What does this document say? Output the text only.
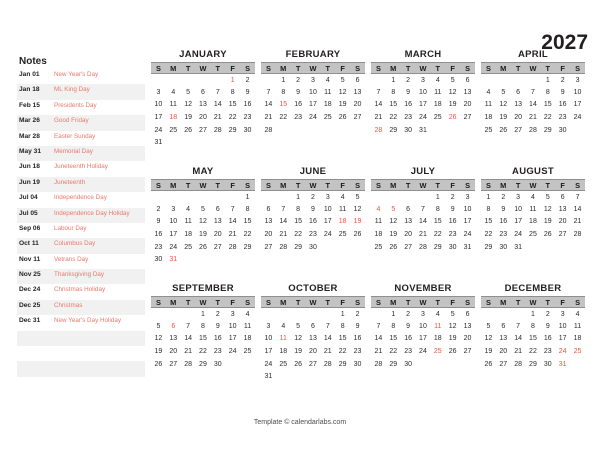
2027
Notes
Jan 01	New Year's Day
Jan 18	ML King Day
Feb 15	Presidents Day
Mar 26	Good Friday
Mar 28	Easter Sunday
May 31	Memorial Day
Jun 18	Juneteenth Holiday
Jun 19	Juneteenth
Jul 04	Independence Day
Jul 05	Independence Day Holiday
Sep 06	Labour Day
Oct 11	Columbus Day
Nov 11	Vetrans Day
Nov 25	Thanksgiving Day
Dec 24	Christmas Holiday
Dec 25	Christmas
Dec 31	New Year's Day Holiday
JANUARY
S	M	T	W	T	F	S
					1	2
3	4	5	6	7	8	9
10	11	12	13	14	15	16
17	18	19	20	21	22	23
24	25	26	27	28	29	30
31						
FEBRUARY
S	M	T	W	T	F	S
	1	2	3	4	5	6
7	8	9	10	11	12	13
14	15	16	17	18	19	20
21	22	23	24	25	26	27
28						
MARCH
S	M	T	W	T	F	S
	1	2	3	4	5	6
7	8	9	10	11	12	13
14	15	16	17	18	19	20
21	22	23	24	25	26	27
28	29	30	31			
APRIL
S	M	T	W	T	F	S
				1	2	3
4	5	6	7	8	9	10
11	12	13	14	15	16	17
18	19	20	21	22	23	24
25	26	27	28	29	30	
MAY
S	M	T	W	T	F	S
						1
2	3	4	5	6	7	8
9	10	11	12	13	14	15
16	17	18	19	20	21	22
23	24	25	26	27	28	29
30	31					
JUNE
S	M	T	W	T	F	S
		1	2	3	4	5
6	7	8	9	10	11	12
13	14	15	16	17	18	19
20	21	22	23	24	25	26
27	28	29	30			
JULY
S	M	T	W	T	F	S
				1	2	3
4	5	6	7	8	9	10
11	12	13	14	15	16	17
18	19	20	21	22	23	24
25	26	27	28	29	30	31
AUGUST
S	M	T	W	T	F	S
1	2	3	4	5	6	7
8	9	10	11	12	13	14
15	16	17	18	19	20	21
22	23	24	25	26	27	28
29	30	31				
SEPTEMBER
S	M	T	W	T	F	S
			1	2	3	4
5	6	7	8	9	10	11
12	13	14	15	16	17	18
19	20	21	22	23	24	25
26	27	28	29	30		
OCTOBER
S	M	T	W	T	F	S
					1	2
3	4	5	6	7	8	9
10	11	12	13	14	15	16
17	18	19	20	21	22	23
24	25	26	27	28	29	30
31						
NOVEMBER
S	M	T	W	T	F	S
	1	2	3	4	5	6
7	8	9	10	11	12	13
14	15	16	17	18	19	20
21	22	23	24	25	26	27
28	29	30				
DECEMBER
S	M	T	W	T	F	S
			1	2	3	4
5	6	7	8	9	10	11
12	13	14	15	16	17	18
19	20	21	22	23	24	25
26	27	28	29	30	31	
Template © calendarlabs.com
